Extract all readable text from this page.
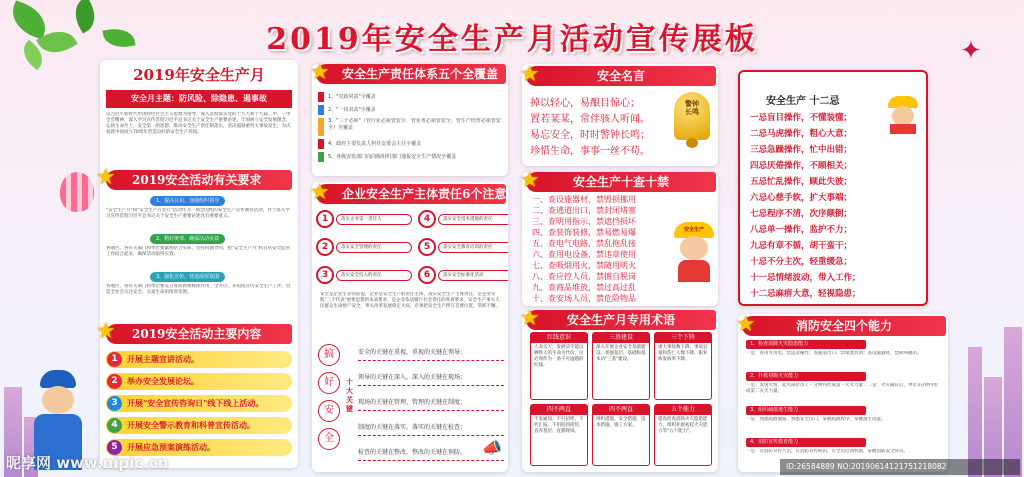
2019年安全生产月活动宣传展板	✦
2019年安全生产月
安全月主题：防风险、除隐患、遏事故
以习近平新时代中国特色社会主义思想为指导，深入贯彻落实党的十九大和十九届二中、三中全会精神，深入学习宣传贯彻习近平总书记关于安全生产重要论述，牢固树立安全发展理念，弘扬生命至上、安全第一的思想，推动安全生产责任制落实，坚决遏制重特大事故发生，为庆祝新中国成立70周年营造良好的安全生产环境。
2019安全活动有关要求
1、提高认识、加强组织领导
"安全生产月"和"安全生产万里行"活动作为一项全国性的安全生产宣传教育活动，对于深入学习宣传贯彻习近平总书记关于安全生产重要论述具有重要意义。
2、精好统筹、确保活动实效
各地区、各有关部门和单位要紧密结合实际，坚持问题导向，把"安全生产月"和日常安全监管工作结合起来，确保活动取得实效。
3、强化宣传、营造浓厚氛围
各地区、各有关部门和单位要充分发挥新闻媒体作用，全方位、多角度宣传安全生产工作，营造全社会关注安全、关爱生命的浓厚氛围。
2019安全活动主要内容
1	开展主题宣讲活动。
2	举办安全发展论坛。
3	开展"安全宣传咨询日"线下线上活动。
4	开展安全警示教育和科普宣传活动。
5	开展应急预案演练活动。
★
★
1、"党政同责"全覆盖
2、"一岗双责"全覆盖
3、"三个必须"（管行业必须管安全、管业务必须管安全、管生产经营必须管安全）全覆盖
4、政府主要负责人担任安委会主任全覆盖
5、各级安监部门向同级组织部门通报安全生产情况全覆盖
安全生产责任体系五个全覆盖
★
1	落实企业第一责任人	4	落实安全技术措施的责任
2	落实安全管理的责任	5	落实安全教育培训的责任
3	落实安全投入的责任	6	落实安全标准化活动
安全是企业生存的前提，企业是安全生产的责任主体。落实安全生产主体责任，是企业实践"三个代表"重要思想的本质要求，是企业依法履行社会责任的客观要求。安全生产事关人民群众生命财产安全，事关改革发展稳定大局，必须把安全生产摆在首要位置，常抓不懈。
搞
好
安
全
十大关键
安全的关键在重视，重视的关键在领导；
领导的关键在深入，深入的关键在现场；
现场的关键在管理，管理的关键在制度；
制度的关键在落实，落实的关键在检查；
检查的关键在整改，整改的关键在预防。 📣
企业安全生产主体责任6个注意
★
掉以轻心，易酿目惊心；
置若某某，常伴骇人听闻。
易忘安全，时时警钟长鸣；
珍惜生命，事事一丝不苟。
警钟长鸣
安全名言
★
一、查设施器材，禁毁损挪用
二、查逃道出口，禁封闭堵塞
三、查明用指示，禁遮挡损坏
四、查装饰装修，禁易燃易爆
五、查电气电路，禁乱拖乱接
六、查用电设备，禁违章使用
七、查吸烟用火，禁随用明火
八、查应控人员，禁擅自脱岗
九、查商品堆放，禁过高过乱
十、查安场人员，禁危险物品
安全生产
安全生产十查十禁
★
红线意识
人命关天，发展决不能以牺牲人的生命为代价，这必须作为一条不可逾越的红线。
三基建设
深入开展企业安全基础建设，加强基层、基础和基本功"三基"建设。
三个下降
重大事故数下降、事故总量和伤亡人数下降、职业病发病率下降。
四不两直
不发通知、不打招呼、不听汇报、不用陪同接待，直奔基层、直插现场。
四不两直
组织措施、安全措施、技术措施、施工方案。
五个能力
提高检查消除火灾隐患能力、组织扑救初起火灾能力等"五个能力"。
安全生产月专用术语
★
安全生产 十二忌
一忌盲目操作，不懂装懂；
二忌马虎操作，粗心大意；
三忌急躁操作，忙中出错；
四忌厌倦操作，不顾相关；
五忌忙乱操作，顾此失彼；
六忌心慈手软，扩大事端；
七忌程序不清，次序颠倒；
八忌单一操作，监护不力；
九忌有章不循，胡干蛮干；
十忌不分主次，轻重缓急；
十一忌情绪波动，带入工作；
十二忌麻痹大意，轻视隐患；
1、检查消除火灾隐患能力
一是：查用火用电，禁违章操作；查通道出口，禁堵塞封闭；查设施器材，禁损坏挪用。
2、扑救初级火灾能力
一是：发现火情，起火部位员工一分钟内形成第一灭火力量；二是：火灾确认后，单位3分钟内形成第二灭火力量。
3、组织疏散逃生能力
一是：熟悉疏散通道，熟悉安全出口，掌握疏散程序，掌握逃生技能。
4、消防宣传教育能力
一是：有消防宣传人员，有消防宣传标识，有全员培训机制，掌握消防安全常识。
消防安全四个能力
★
昵享网 www.nipic.cn	ID:26584889 NO:20190614121751218082
